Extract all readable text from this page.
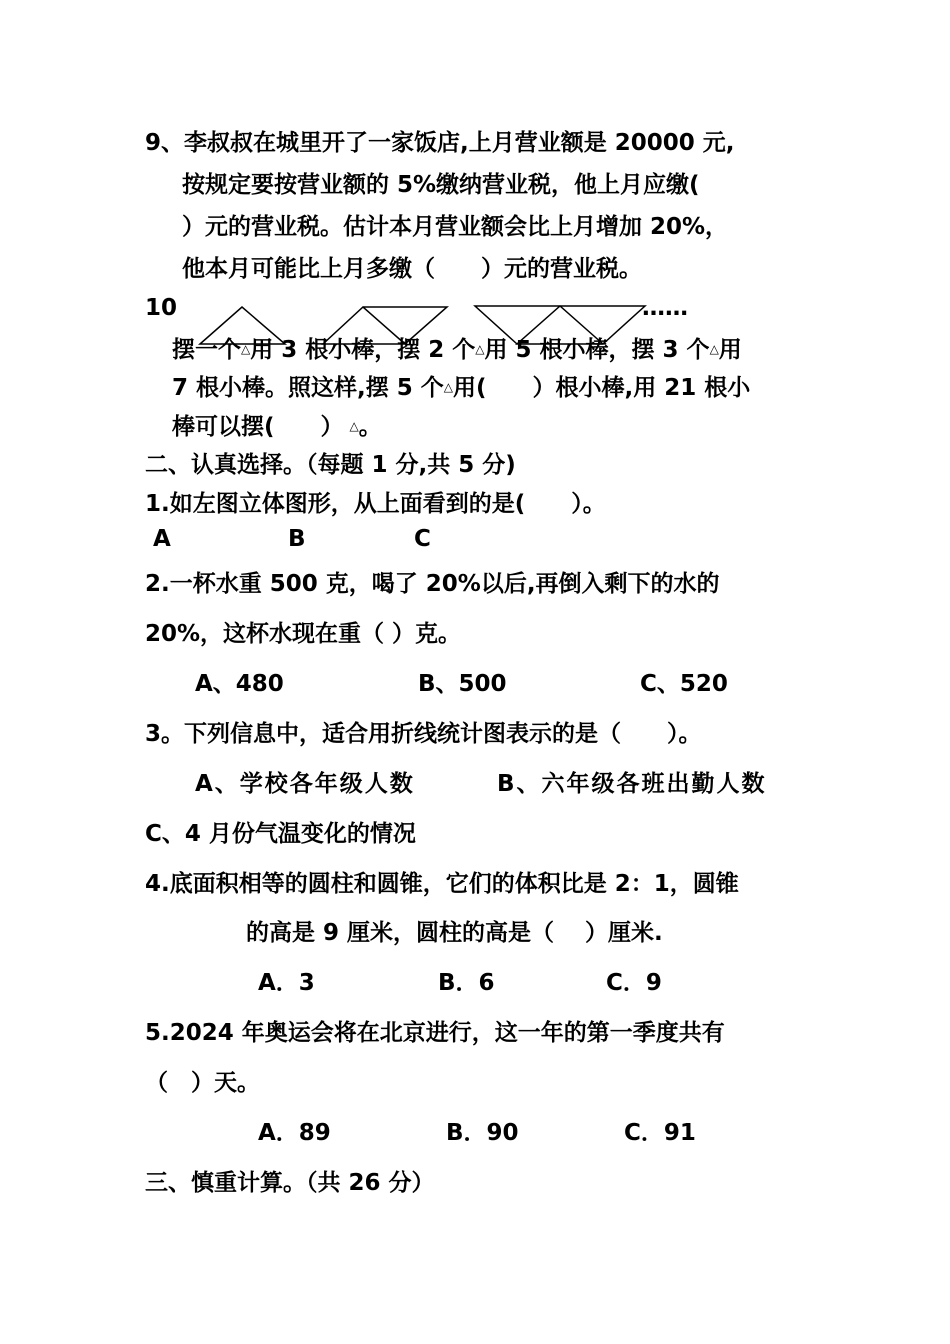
9、李叔叔在城里开了一家饭店,上月营业额是 20000 元,
按规定要按营业额的 5%缴纳营业税，他上月应缴(
）元的营业税。估计本月营业额会比上月增加 20%，
他本月可能比上月多缴（　　）元的营业税。
10	……
摆一个△用 3 根小棒，摆 2 个△用 5 根小棒，摆 3 个△用
7 根小棒。照这样,摆 5 个△用(　　）根小棒,用 21 根小
棒可以摆(　　） △。
二、认真选择。（每题 1 分,共 5 分)
1.如左图立体图形，从上面看到的是(　　）。
A	B	C
2.一杯水重 500 克，喝了 20%以后,再倒入剩下的水的
20%，这杯水现在重（ ）克。
A、480	B、500	C、520
3。下列信息中，适合用折线统计图表示的是（　　）。
A、学校各年级人数	B、六年级各班出勤人数
C、4 月份气温变化的情况
4.底面积相等的圆柱和圆锥，它们的体积比是 2：1，圆锥
的高是 9 厘米，圆柱的高是（　 ）厘米.
A．3	B．6	C．9
5.2024 年奥运会将在北京进行，这一年的第一季度共有
（　）天。
A．89	B．90	C．91
三、慎重计算。（共 26 分）
